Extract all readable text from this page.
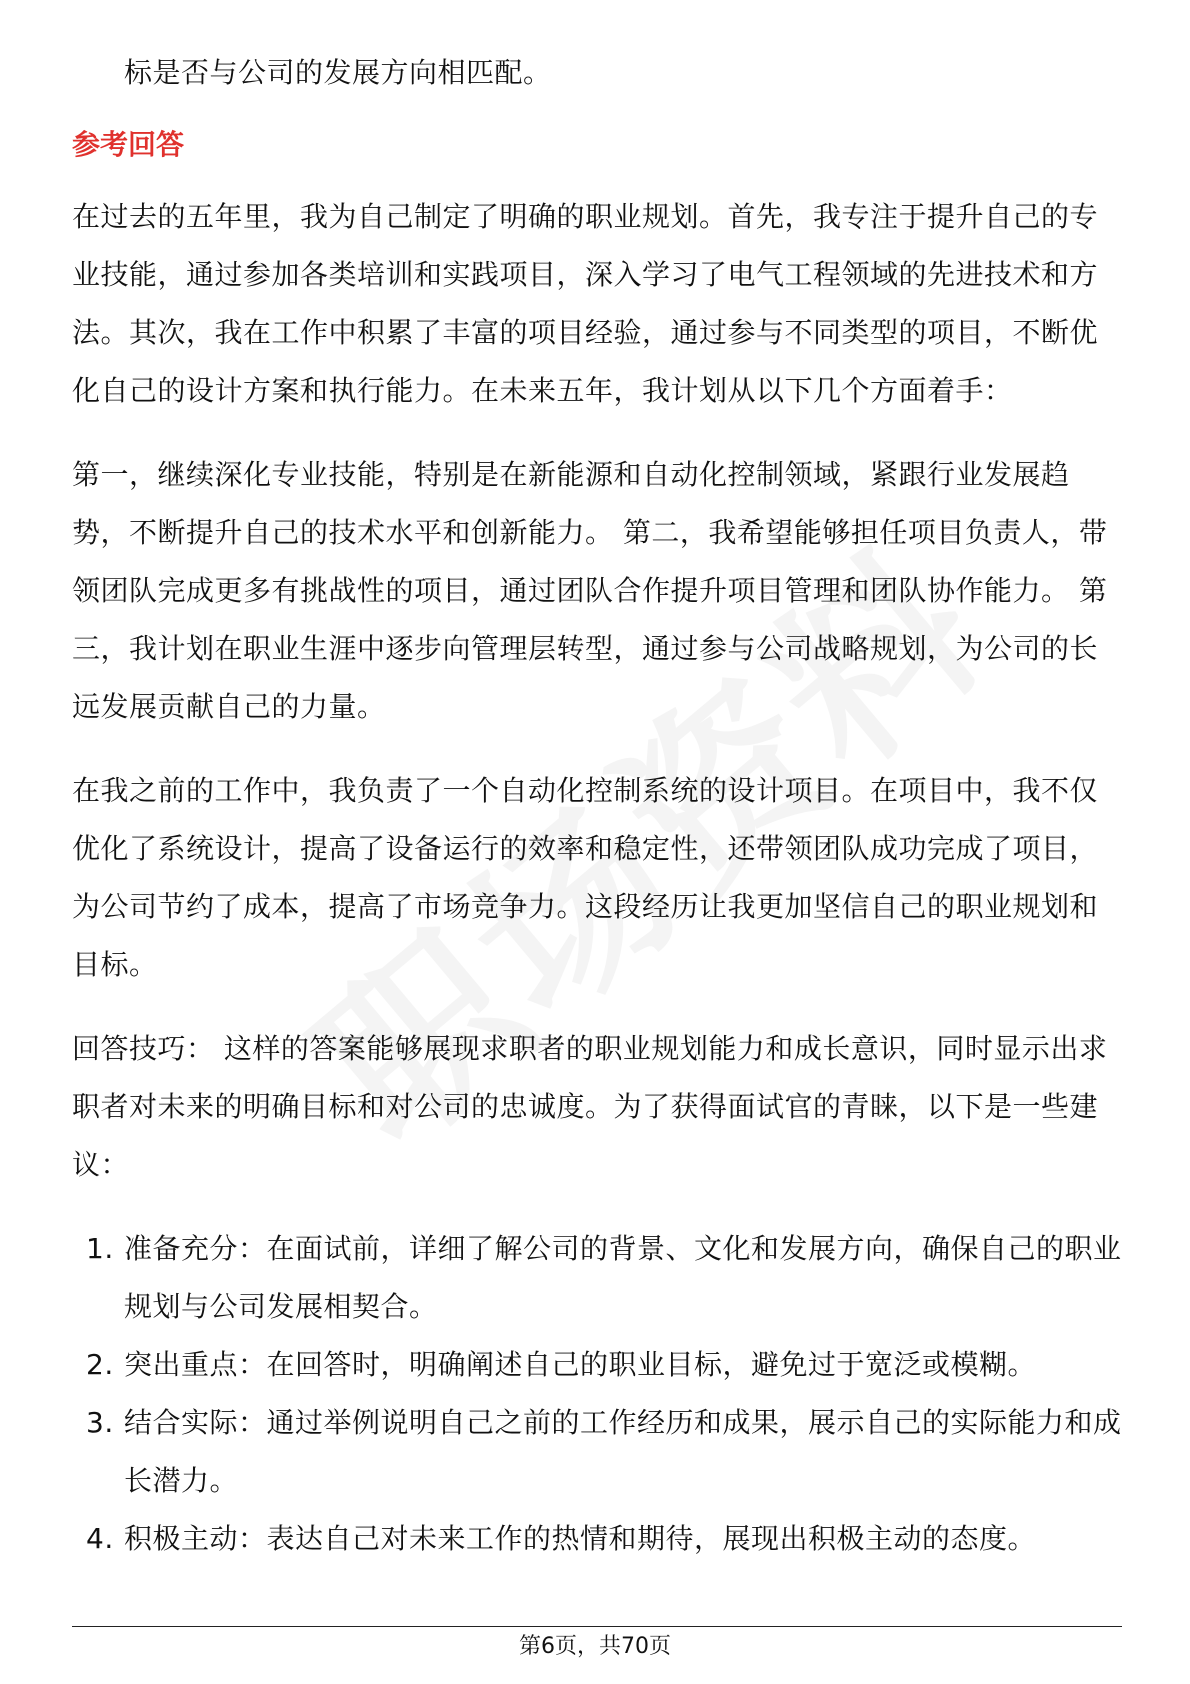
标是否与公司的发展方向相匹配。

参考回答

在过去的五年里，我为自己制定了明确的职业规划。首先，我专注于提升自己的专业技能，通过参加各类培训和实践项目，深入学习了电气工程领域的先进技术和方法。其次，我在工作中积累了丰富的项目经验，通过参与不同类型的项目，不断优化自己的设计方案和执行能力。在未来五年，我计划从以下几个方面着手：

第一，继续深化专业技能，特别是在新能源和自动化控制领域，紧跟行业发展趋势，不断提升自己的技术水平和创新能力。 第二，我希望能够担任项目负责人，带领团队完成更多有挑战性的项目，通过团队合作提升项目管理和团队协作能力。 第三，我计划在职业生涯中逐步向管理层转型，通过参与公司战略规划，为公司的长远发展贡献自己的力量。

在我之前的工作中，我负责了一个自动化控制系统的设计项目。在项目中，我不仅优化了系统设计，提高了设备运行的效率和稳定性，还带领团队成功完成了项目，为公司节约了成本，提高了市场竞争力。这段经历让我更加坚信自己的职业规划和目标。

回答技巧： 这样的答案能够展现求职者的职业规划能力和成长意识，同时显示出求职者对未来的明确目标和对公司的忠诚度。为了获得面试官的青睐，以下是一些建议：

1. 准备充分：在面试前，详细了解公司的背景、文化和发展方向，确保自己的职业规划与公司发展相契合。
2. 突出重点：在回答时，明确阐述自己的职业目标，避免过于宽泛或模糊。
3. 结合实际：通过举例说明自己之前的工作经历和成果，展示自己的实际能力和成长潜力。
4. 积极主动：表达自己对未来工作的热情和期待，展现出积极主动的态度。
第6页，共70页
